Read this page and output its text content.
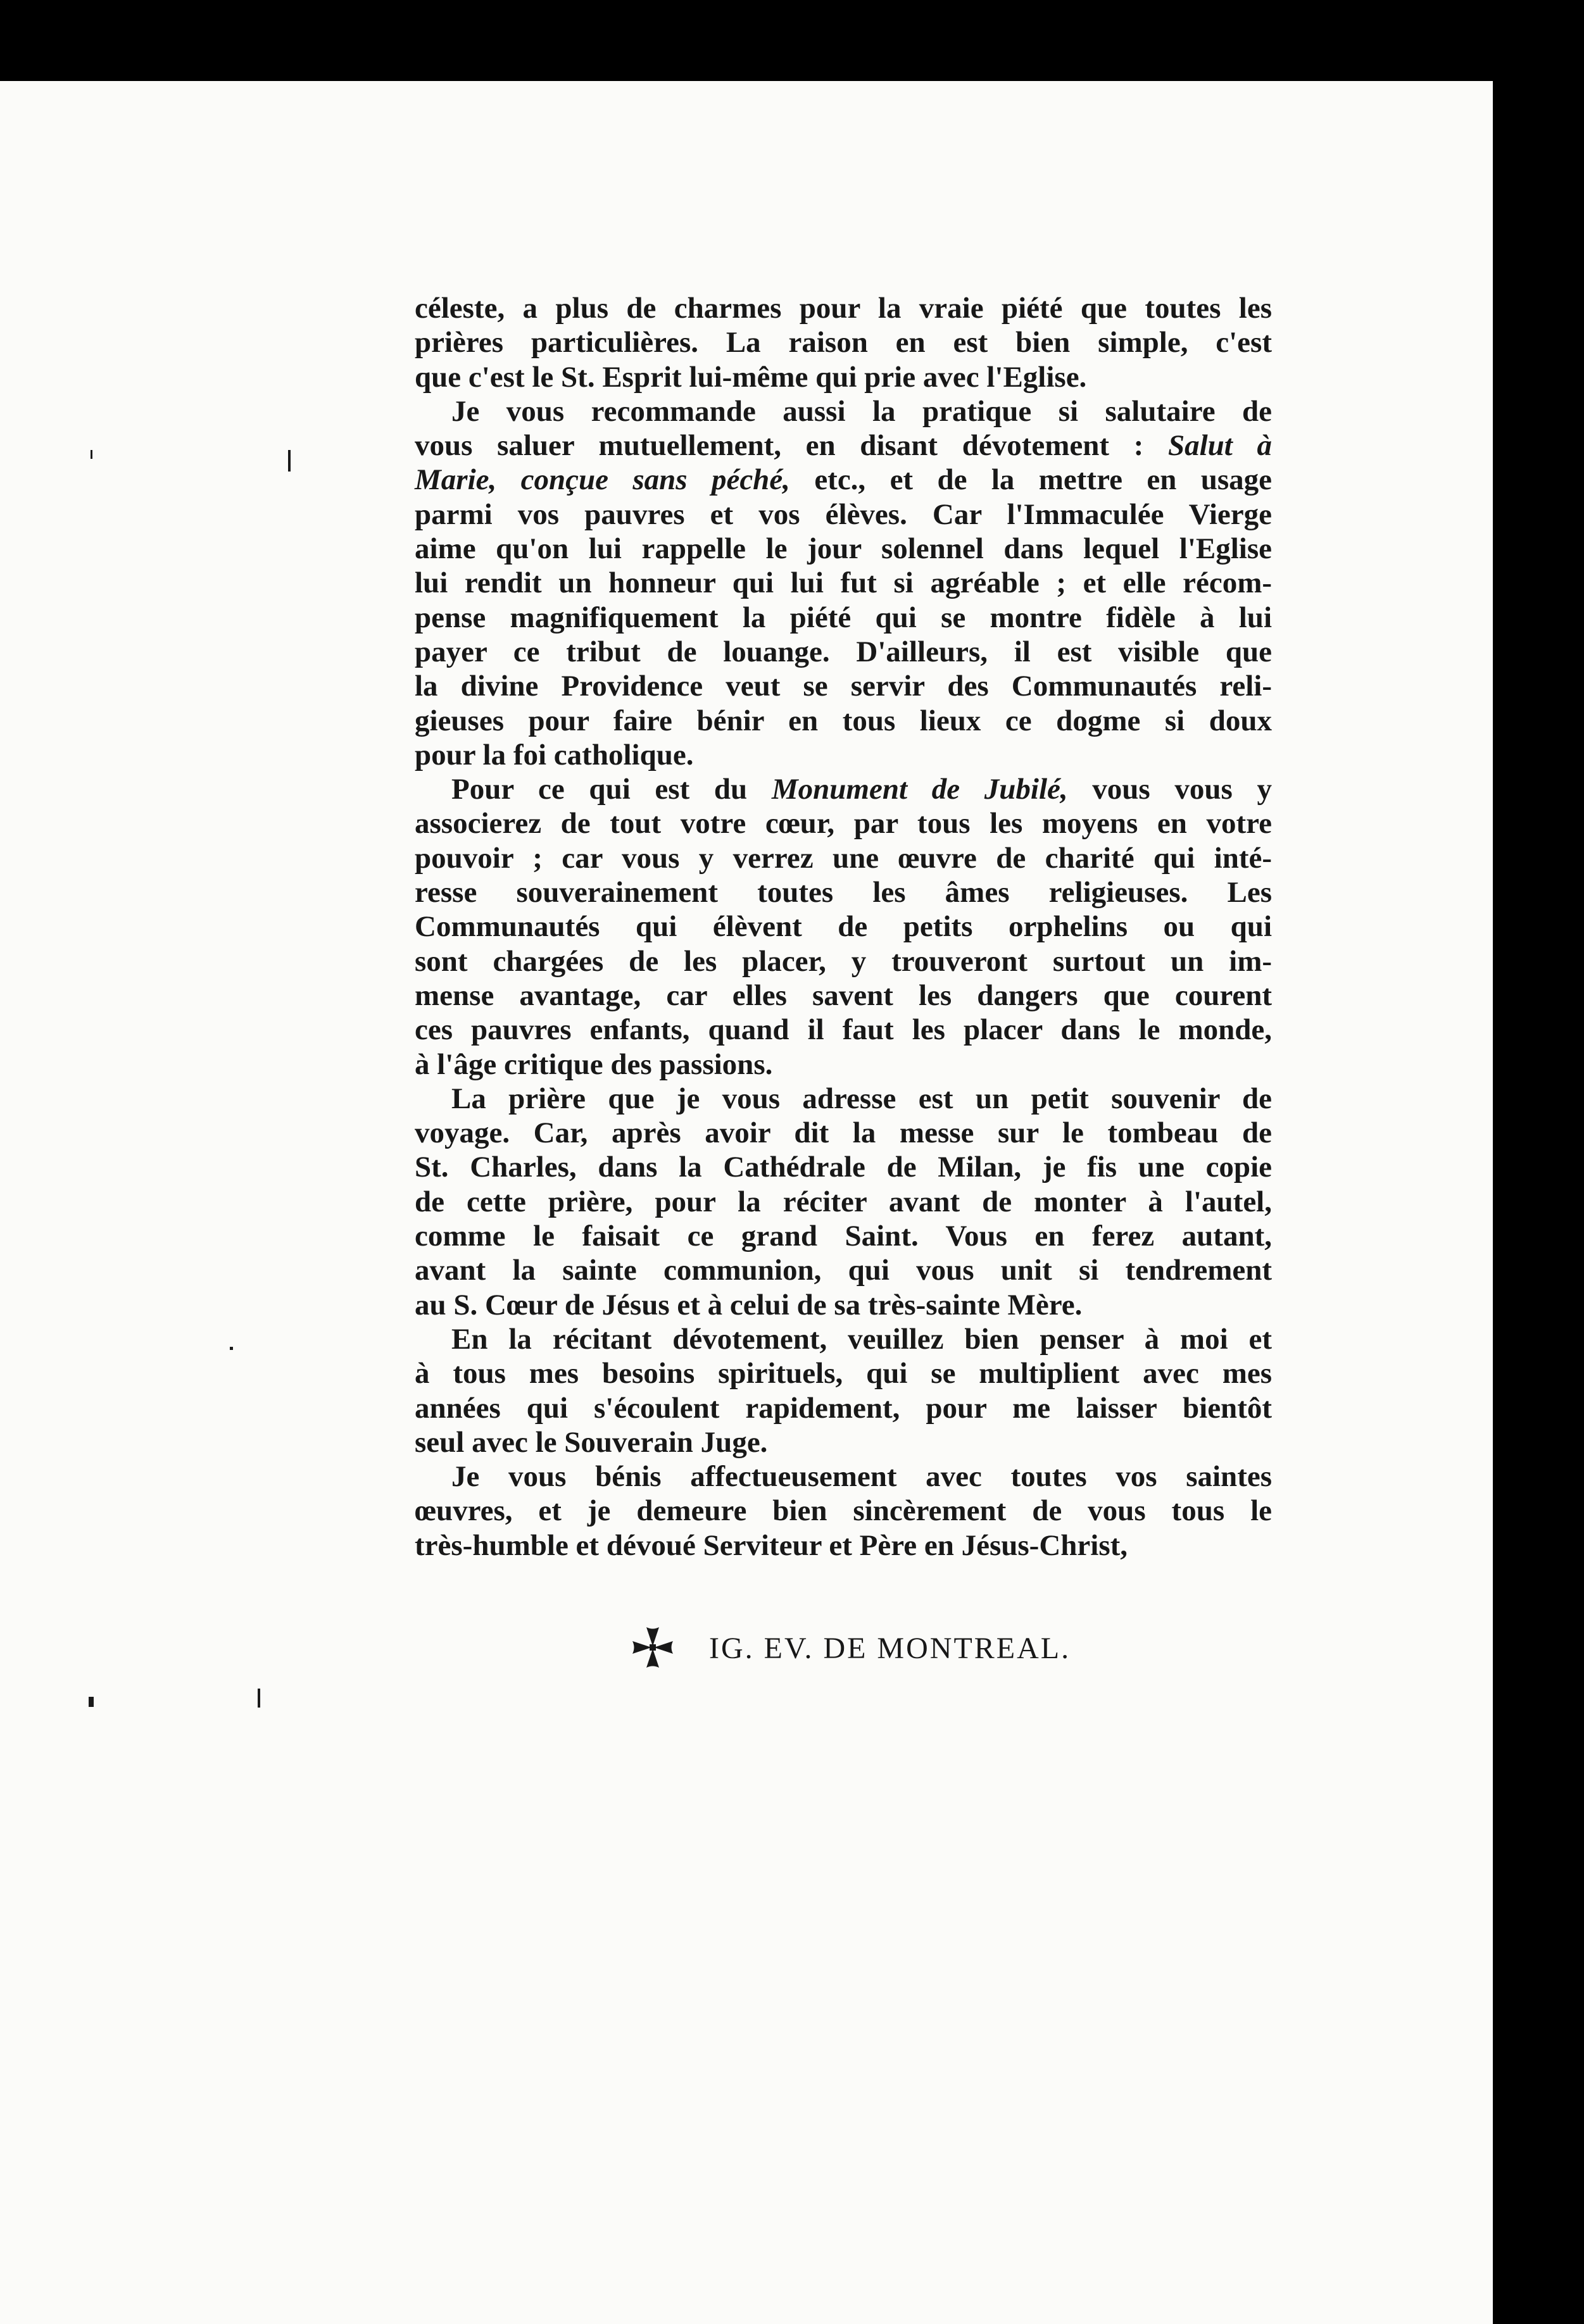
céleste, a plus de charmes pour la vraie piété que toutes les
prières particulières. La raison en est bien simple, c'est
que c'est le St. Esprit lui-même qui prie avec l'Eglise.
Je vous recommande aussi la pratique si salutaire de
vous saluer mutuellement, en disant dévotement : Salut à
Marie, conçue sans péché, etc., et de la mettre en usage
parmi vos pauvres et vos élèves. Car l'Immaculée Vierge
aime qu'on lui rappelle le jour solennel dans lequel l'Eglise
lui rendit un honneur qui lui fut si agréable ; et elle récom-
pense magnifiquement la piété qui se montre fidèle à lui
payer ce tribut de louange. D'ailleurs, il est visible que
la divine Providence veut se servir des Communautés reli-
gieuses pour faire bénir en tous lieux ce dogme si doux
pour la foi catholique.
Pour ce qui est du Monument de Jubilé, vous vous y
associerez de tout votre cœur, par tous les moyens en votre
pouvoir ; car vous y verrez une œuvre de charité qui inté-
resse souverainement toutes les âmes religieuses. Les
Communautés qui élèvent de petits orphelins ou qui
sont chargées de les placer, y trouveront surtout un im-
mense avantage, car elles savent les dangers que courent
ces pauvres enfants, quand il faut les placer dans le monde,
à l'âge critique des passions.
La prière que je vous adresse est un petit souvenir de
voyage. Car, après avoir dit la messe sur le tombeau de
St. Charles, dans la Cathédrale de Milan, je fis une copie
de cette prière, pour la réciter avant de monter à l'autel,
comme le faisait ce grand Saint. Vous en ferez autant,
avant la sainte communion, qui vous unit si tendrement
au S. Cœur de Jésus et à celui de sa très-sainte Mère.
En la récitant dévotement, veuillez bien penser à moi et
à tous mes besoins spirituels, qui se multiplient avec mes
années qui s'écoulent rapidement, pour me laisser bientôt
seul avec le Souverain Juge.
Je vous bénis affectueusement avec toutes vos saintes
œuvres, et je demeure bien sincèrement de vous tous le
très-humble et dévoué Serviteur et Père en Jésus-Christ,
IG. EV. DE MONTREAL.
